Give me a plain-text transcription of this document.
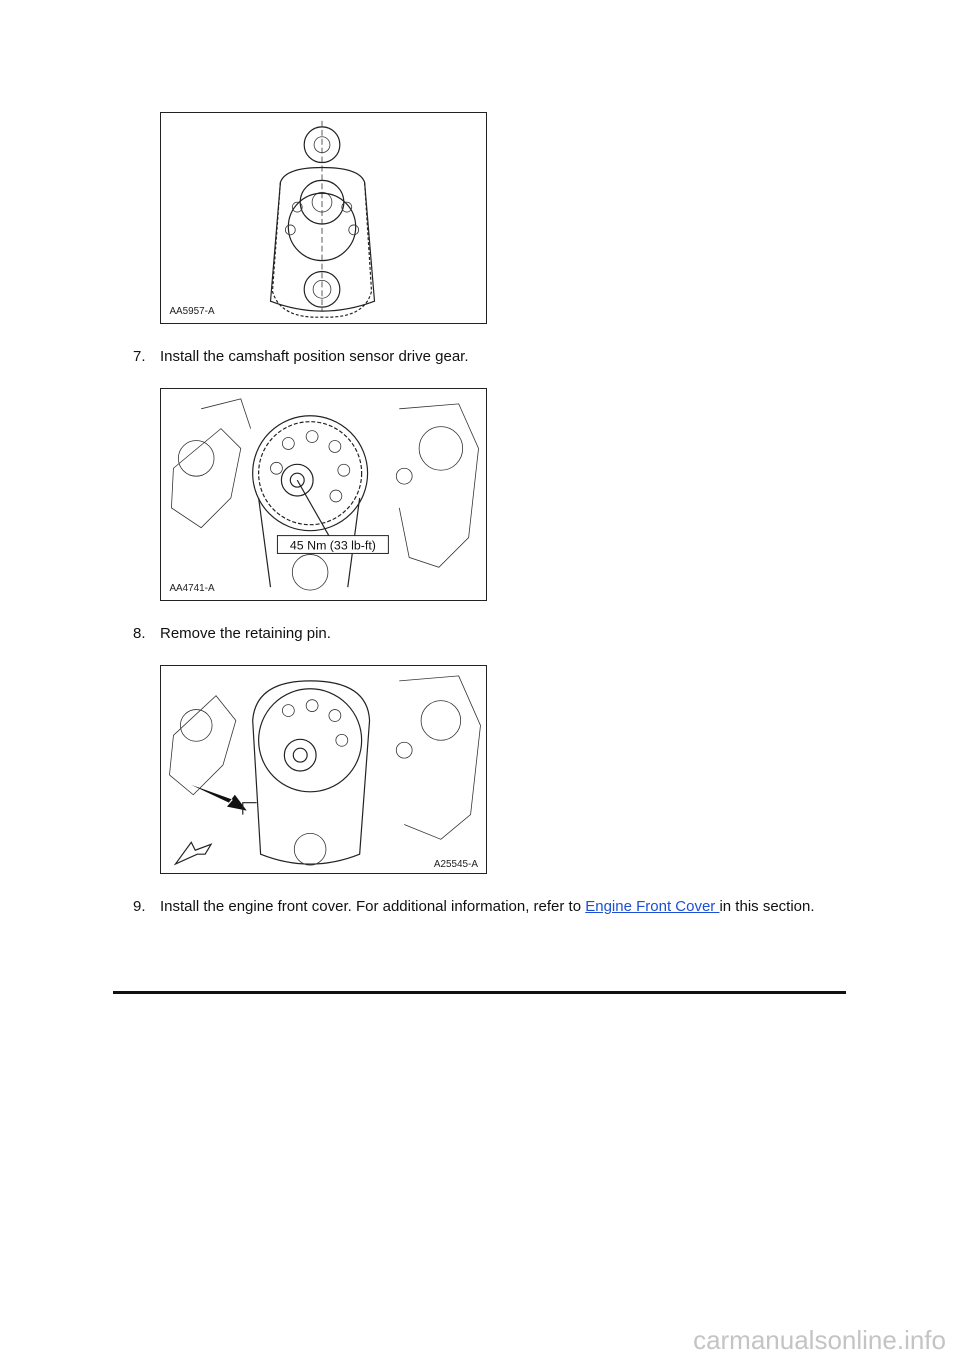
AA5957-A
7. Install the camshaft position sensor drive gear.
45 Nm (33 lb-ft)
AA4741-A
8. Remove the retaining pin.
A25545-A
9. Install the engine front cover. For additional information, refer to Engine Front Cover in this section.
carmanualsonline.info
